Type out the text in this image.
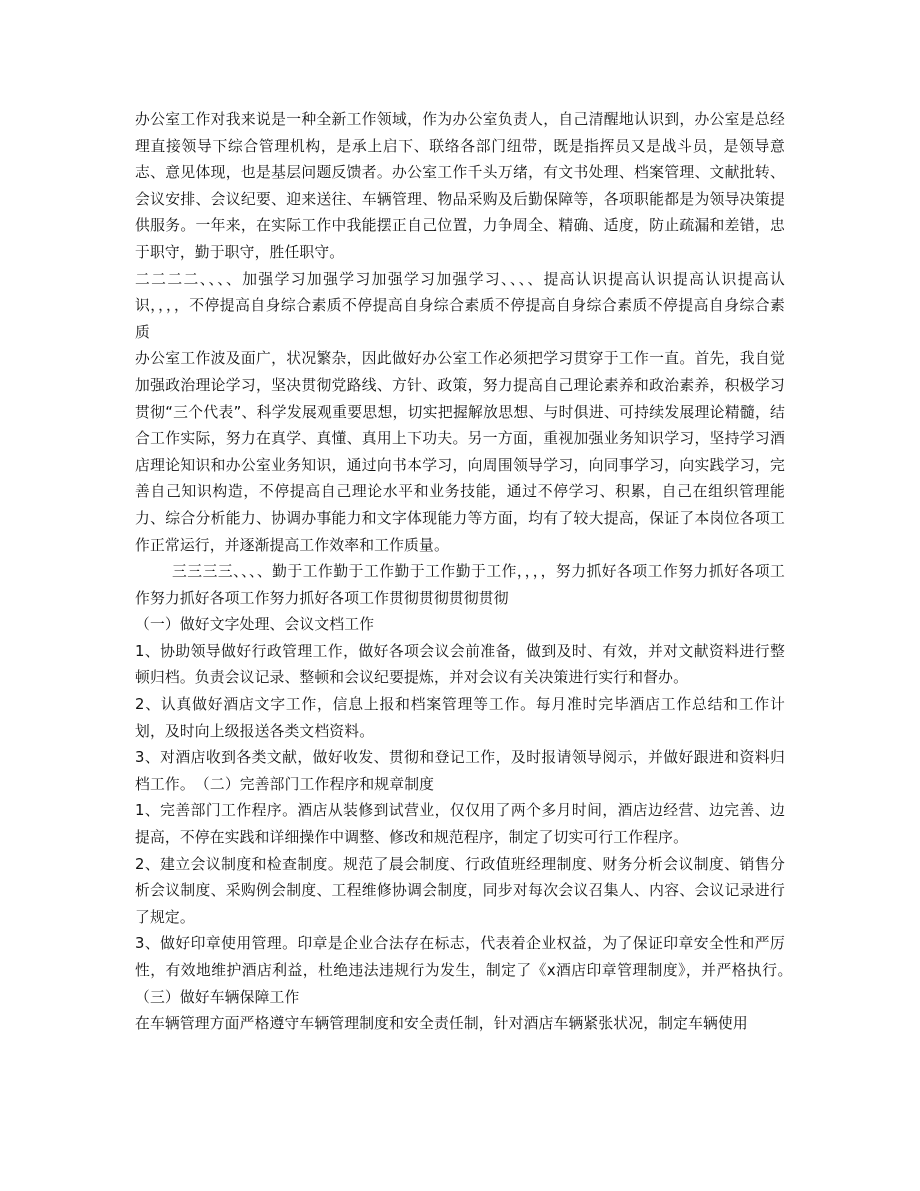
办公室工作对我来说是一种全新工作领域，作为办公室负责人，自己清醒地认识到，办公室是总经理直接领导下综合管理机构，是承上启下、联络各部门纽带，既是指挥员又是战斗员，是领导意志、意见体现，也是基层问题反馈者。办公室工作千头万绪，有文书处理、档案管理、文献批转、会议安排、会议纪要、迎来送往、车辆管理、物品采购及后勤保障等，各项职能都是为领导决策提供服务。一年来，在实际工作中我能摆正自己位置，力争周全、精确、适度，防止疏漏和差错，忠于职守，勤于职守，胜任职守。

二二二二、、、、加强学习加强学习加强学习加强学习、、、、提高认识提高认识提高认识提高认识，，，，不停提高自身综合素质不停提高自身综合素质不停提高自身综合素质不停提高自身综合素质

办公室工作波及面广，状况繁杂，因此做好办公室工作必须把学习贯穿于工作一直。首先，我自觉加强政治理论学习，坚决贯彻党路线、方针、政策，努力提高自己理论素养和政治素养，积极学习贯彻“三个代表”、科学发展观重要思想，切实把握解放思想、与时俱进、可持续发展理论精髓，结合工作实际，努力在真学、真懂、真用上下功夫。另一方面，重视加强业务知识学习，坚持学习酒店理论知识和办公室业务知识，通过向书本学习，向周围领导学习，向同事学习，向实践学习，完善自己知识构造，不停提高自己理论水平和业务技能，通过不停学习、积累，自己在组织管理能力、综合分析能力、协调办事能力和文字体现能力等方面，均有了较大提高，保证了本岗位各项工作正常运行，并逐渐提高工作效率和工作质量。

三三三三、、、、勤于工作勤于工作勤于工作勤于工作，，，，努力抓好各项工作努力抓好各项工作努力抓好各项工作努力抓好各项工作贯彻贯彻贯彻贯彻

（一）做好文字处理、会议文档工作

1、协助领导做好行政管理工作，做好各项会议会前准备，做到及时、有效，并对文献资料进行整顿归档。负责会议记录、整顿和会议纪要提炼，并对会议有关决策进行实行和督办。

2、认真做好酒店文字工作，信息上报和档案管理等工作。每月准时完毕酒店工作总结和工作计划，及时向上级报送各类文档资料。

3、对酒店收到各类文献，做好收发、贯彻和登记工作，及时报请领导阅示，并做好跟进和资料归档工作。　（二）完善部门工作程序和规章制度

1、完善部门工作程序。酒店从装修到试营业，仅仅用了两个多月时间，酒店边经营、边完善、边提高，不停在实践和详细操作中调整、修改和规范程序，制定了切实可行工作程序。

2、建立会议制度和检查制度。规范了晨会制度、行政值班经理制度、财务分析会议制度、销售分析会议制度、采购例会制度、工程维修协调会制度，同步对每次会议召集人、内容、会议记录进行了规定。

3、做好印章使用管理。印章是企业合法存在标志，代表着企业权益，为了保证印章安全性和严厉性，有效地维护酒店利益，杜绝违法违规行为发生，制定了《x酒店印章管理制度》，并严格执行。　（三）做好车辆保障工作

在车辆管理方面严格遵守车辆管理制度和安全责任制，针对酒店车辆紧张状况，制定车辆使用
